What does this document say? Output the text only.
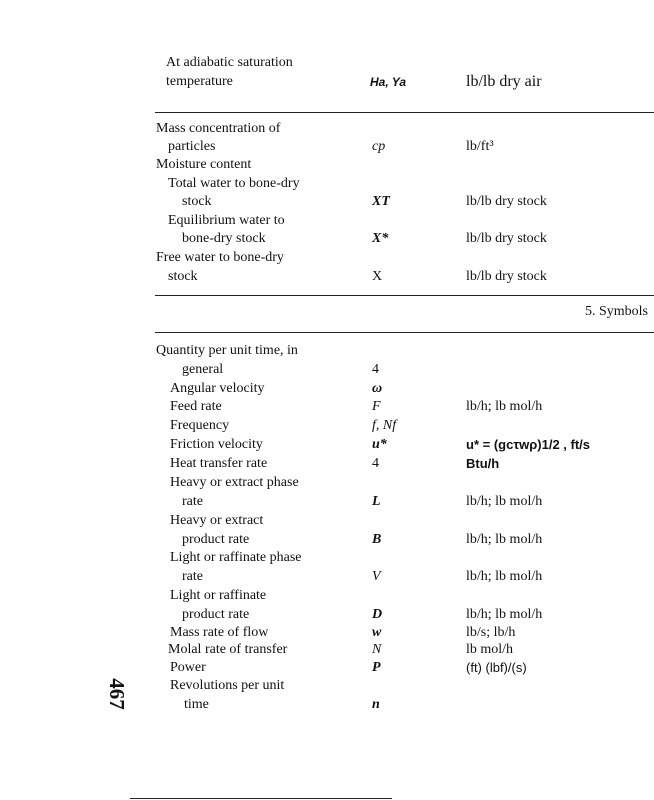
At adiabatic saturation
temperature	Ha, Ya	lb/lb dry air
Mass concentration of
particles	cp	lb/ft³
Moisture content
Total water to bone-dry
stock	XT	lb/lb dry stock
Equilibrium water to
bone-dry stock	X*	lb/lb dry stock
Free water to bone-dry
stock	X	lb/lb dry stock
5. Symbols
Quantity per unit time, in
general	4
Angular velocity	ω
Feed rate	F	lb/h; lb mol/h
Frequency	f, Nf
Friction velocity	u*	u* = (gcτwρ)1/2 , ft/s
Heat transfer rate	4	Btu/h
Heavy or extract phase
rate	L	lb/h; lb mol/h
Heavy or extract
product rate	B	lb/h; lb mol/h
Light or raffinate phase
rate	V	lb/h; lb mol/h
Light or raffinate
product rate	D	lb/h; lb mol/h
Mass rate of flow	w	lb/s; lb/h
Molal rate of transfer	N	lb mol/h
Power	P	(ft) (lbf)/(s)
Revolutions per unit
time	n
467
